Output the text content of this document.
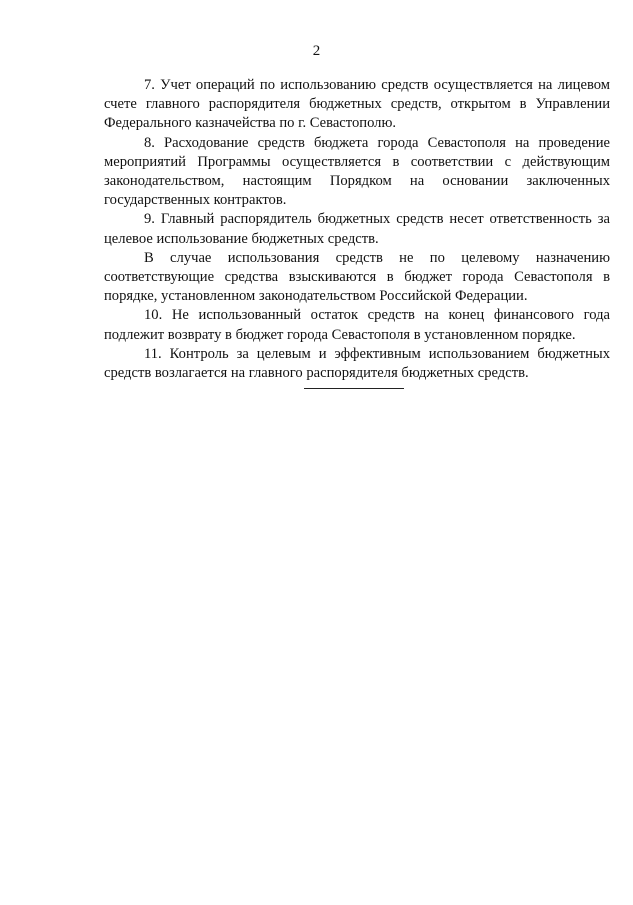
2

7. Учет операций по использованию средств осуществляется на лицевом счете главного распорядителя бюджетных средств, открытом в Управлении Федерального казначейства по г. Севастополю.

8. Расходование средств бюджета города Севастополя на проведение мероприятий Программы осуществляется в соответствии с действующим законодательством, настоящим Порядком на основании заключенных государственных контрактов.

9. Главный распорядитель бюджетных средств несет ответственность за целевое использование бюджетных средств.

В случае использования средств не по целевому назначению соответствующие средства взыскиваются в бюджет города Севастополя в порядке, установленном законодательством Российской Федерации.

10. Не использованный остаток средств на конец финансового года подлежит возврату в бюджет города Севастополя в установленном порядке.

11. Контроль за целевым и эффективным использованием бюджетных средств возлагается на главного распорядителя бюджетных средств.
